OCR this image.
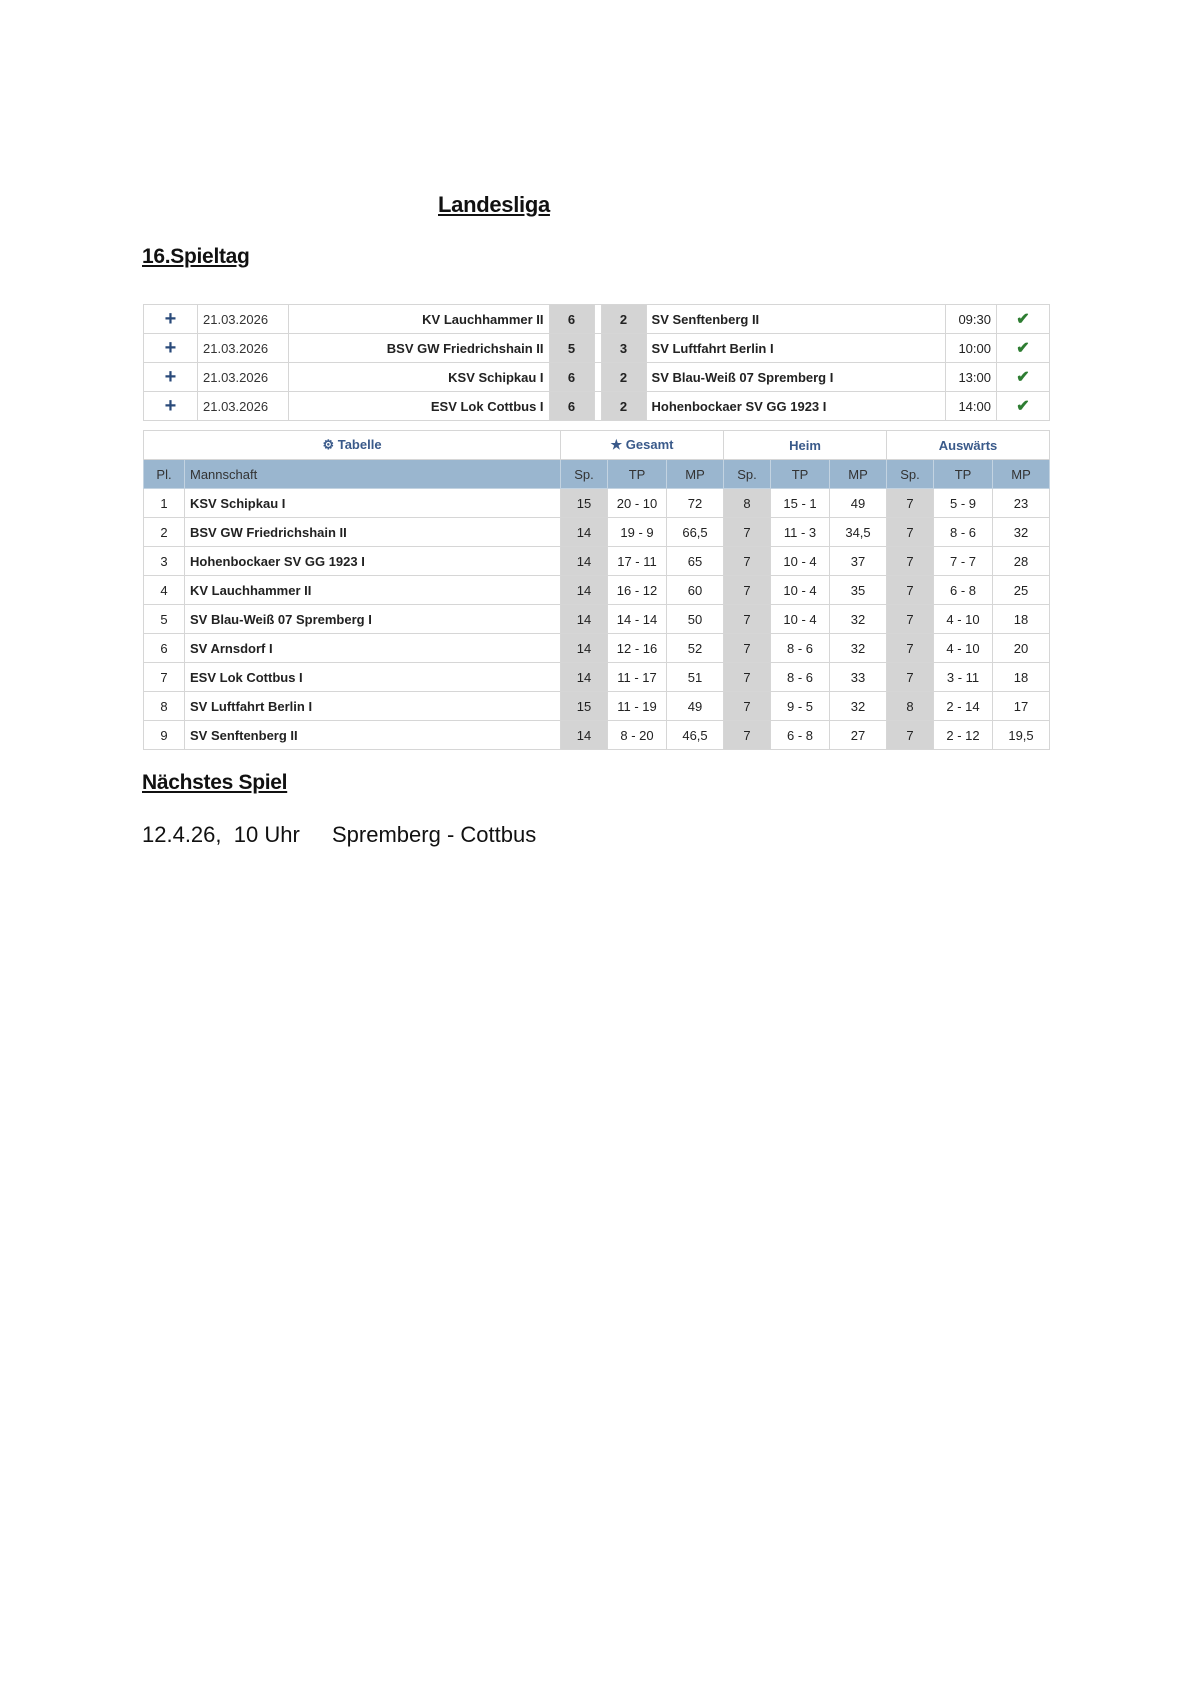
Landesliga
16.Spieltag
+	21.03.2026	KV Lauchhammer II	6		2	SV Senftenberg II	09:30	✔
+	21.03.2026	BSV GW Friedrichshain II	5		3	SV Luftfahrt Berlin I	10:00	✔
+	21.03.2026	KSV Schipkau I	6		2	SV Blau-Weiß 07 Spremberg I	13:00	✔
+	21.03.2026	ESV Lok Cottbus I	6		2	Hohenbockaer SV GG 1923 I	14:00	✔
⚙ Tabelle		★ Gesamt			Heim			Auswärts		
Pl.	Mannschaft	Sp.	TP	MP	Sp.	TP	MP	Sp.	TP	MP
1	KSV Schipkau I	15	20 - 10	72	8	15 - 1	49	7	5 - 9	23
2	BSV GW Friedrichshain II	14	19 - 9	66,5	7	11 - 3	34,5	7	8 - 6	32
3	Hohenbockaer SV GG 1923 I	14	17 - 11	65	7	10 - 4	37	7	7 - 7	28
4	KV Lauchhammer II	14	16 - 12	60	7	10 - 4	35	7	6 - 8	25
5	SV Blau-Weiß 07 Spremberg I	14	14 - 14	50	7	10 - 4	32	7	4 - 10	18
6	SV Arnsdorf I	14	12 - 16	52	7	8 - 6	32	7	4 - 10	20
7	ESV Lok Cottbus I	14	11 - 17	51	7	8 - 6	33	7	3 - 11	18
8	SV Luftfahrt Berlin I	15	11 - 19	49	7	9 - 5	32	8	2 - 14	17
9	SV Senftenberg II	14	8 - 20	46,5	7	6 - 8	27	7	2 - 12	19,5
Nächstes Spiel
12.4.26,  10 Uhr Spremberg - Cottbus
